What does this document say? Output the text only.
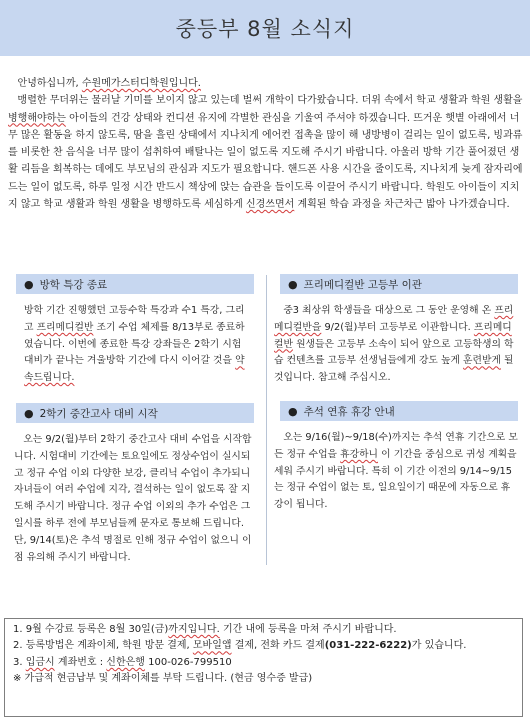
중등부 8월 소식지

안녕하십니까, 수원메가스터디학원입니다.
맹렬한 무더위는 물러날 기미를 보이지 않고 있는데 벌써 개학이 다가왔습니다. 더위 속에서 학교 생활과 학원 생활을 병행해야하는 아이들의 건강 상태와 컨디션 유지에 각별한 관심을 기울여 주셔야 하겠습니다. 뜨거운 햇볕 아래에서 너무 많은 활동을 하지 않도록, 땀을 흘린 상태에서 지나치게 에어컨 접촉을 많이 해 냉방병이 걸리는 일이 없도록, 빙과류를 비롯한 찬 음식을 너무 많이 섭취하여 배탈나는 일이 없도록 지도해 주시기 바랍니다. 아울러 방학 기간 풀어졌던 생활 리듬을 회복하는 데에도 부모님의 관심과 지도가 필요합니다. 핸드폰 사용 시간을 줄이도록, 지나치게 늦게 잠자리에 드는 일이 없도록, 하루 일정 시간 반드시 책상에 앉는 습관을 들이도록 이끌어 주시기 바랍니다. 학원도 아이들이 지치지 않고 학교 생활과 학원 생활을 병행하도록 세심하게 신경쓰면서 계획된 학습 과정을 차근차근 밟아 나가겠습니다.

● 방학 특강 종료

방학 기간 진행했던 고등수학 특강과 수1 특강, 그리고 프리메디컬반 조기 수업 체제를 8/13부로 종료하였습니다. 이번에 종료한 특강 강좌들은 2학기 시험 대비가 끝나는 겨울방학 기간에 다시 이어갈 것을 약속드립니다.

● 2학기 중간고사 대비 시작

오는 9/2(월)부터 2학기 중간고사 대비 수업을 시작합니다. 시험대비 기간에는 토요일에도 정상수업이 실시되고 정규 수업 이외 다양한 보강, 클리닉 수업이 추가되니 자녀들이 여러 수업에 지각, 결석하는 일이 없도록 잘 지도해 주시기 바랍니다. 정규 수업 이외의 추가 수업은 그 일시를 하루 전에 부모님들께 문자로 통보해 드립니다. 단, 9/14(토)은 추석 명절로 인해 정규 수업이 없으니 이 점 유의해 주시기 바랍니다.

● 프리메디컬반 고등부 이관

중3 최상위 학생들을 대상으로 그 동안 운영해 온 프리메디컬반을 9/2(월)부터 고등부로 이관합니다. 프리메디컬반 원생들은 고등부 소속이 되어 앞으로 고등학생의 학습 컨텐츠를 고등부 선생님들에게 강도 높게 훈련받게 될 것입니다. 참고해 주십시오.

● 추석 연휴 휴강 안내

오는 9/16(월)~9/18(수)까지는 추석 연휴 기간으로 모든 정규 수업을 휴강하니 이 기간을 중심으로 귀성 계획을 세워 주시기 바랍니다. 특히 이 기간 이전의 9/14~9/15는 정규 수업이 없는 토, 일요일이기 때문에 자동으로 휴강이 됩니다.

1. 9월 수강료 등록은 8월 30일(금)까지입니다. 기간 내에 등록을 마쳐 주시기 바랍니다.

2. 등록방법은 계좌이체, 학원 방문 결제, 모바일앱 결제, 전화 카드 결제(031-222-6222)가 있습니다.

3. 입금시 계좌번호 : 신한은행 100-026-799510

※ 가급적 현금납부 및 계좌이체를 부탁 드립니다. (현금 영수증 발급)
